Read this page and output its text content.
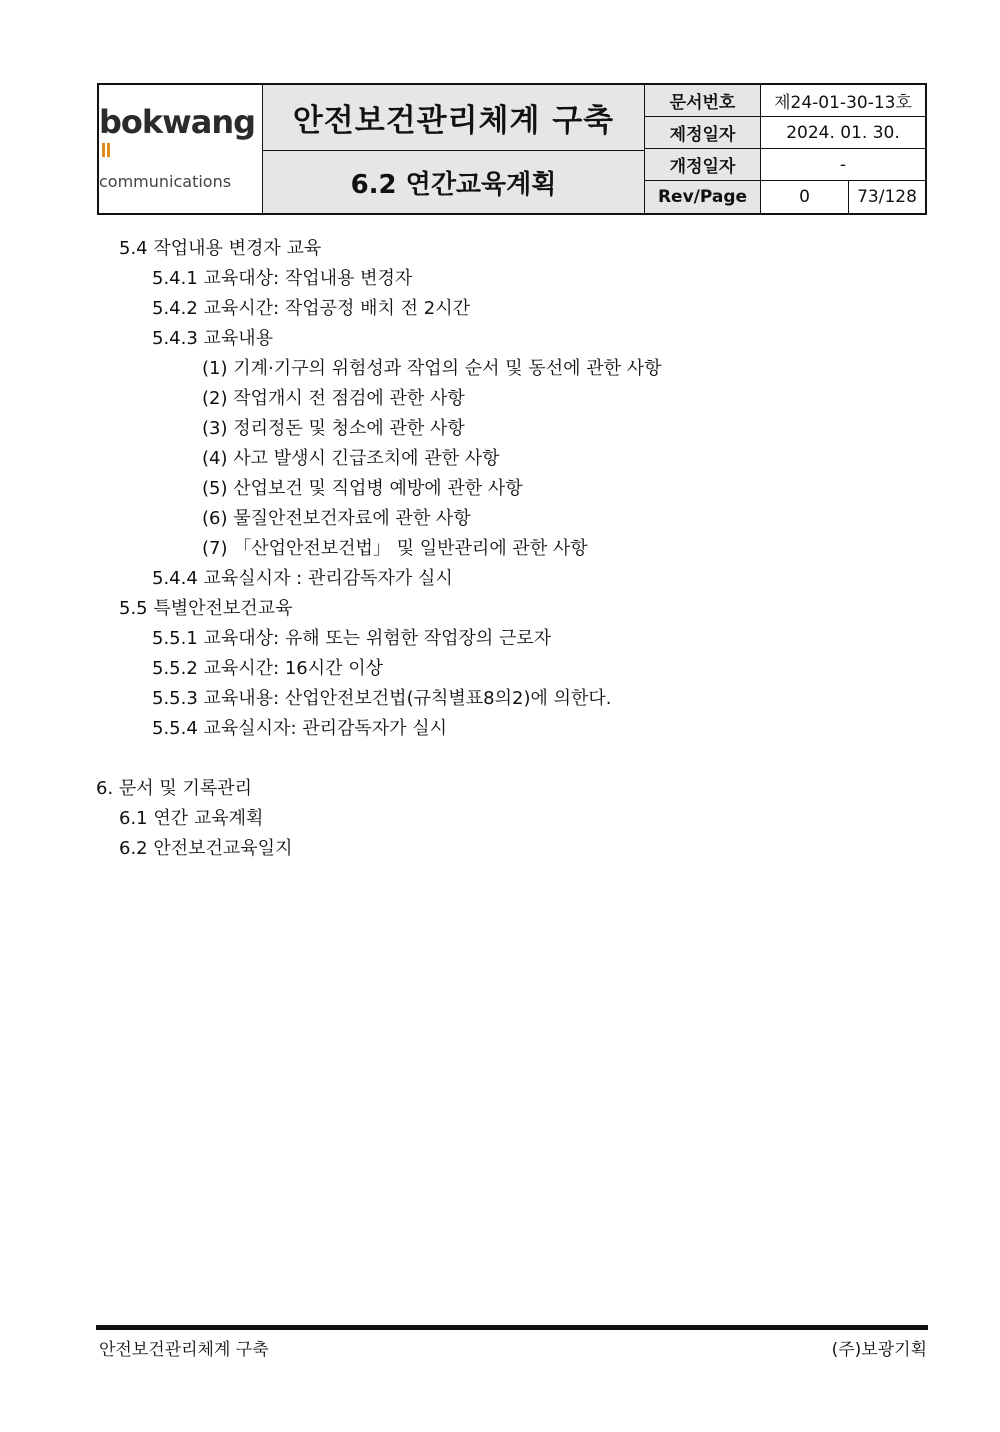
bokwang
communications
안전보건관리체계 구축
6.2 연간교육계획
문서번호	제24-01-30-13호
제정일자	2024. 01. 30.
개정일자	-
Rev/Page	0	73/128
5.4 작업내용 변경자 교육
5.4.1 교육대상: 작업내용 변경자
5.4.2 교육시간: 작업공정 배치 전 2시간
5.4.3 교육내용
(1) 기계·기구의 위험성과 작업의 순서 및 동선에 관한 사항
(2) 작업개시 전 점검에 관한 사항
(3) 정리정돈 및 청소에 관한 사항
(4) 사고 발생시 긴급조치에 관한 사항
(5) 산업보건 및 직업병 예방에 관한 사항
(6) 물질안전보건자료에 관한 사항
(7) 「산업안전보건법」 및 일반관리에 관한 사항
5.4.4 교육실시자 : 관리감독자가 실시
5.5 특별안전보건교육
5.5.1 교육대상: 유해 또는 위험한 작업장의 근로자
5.5.2 교육시간: 16시간 이상
5.5.3 교육내용: 산업안전보건법(규칙별표8의2)에 의한다.
5.5.4 교육실시자: 관리감독자가 실시
6. 문서 및 기록관리
6.1 연간 교육계획
6.2 안전보건교육일지
안전보건관리체계 구축	(주)보광기획
